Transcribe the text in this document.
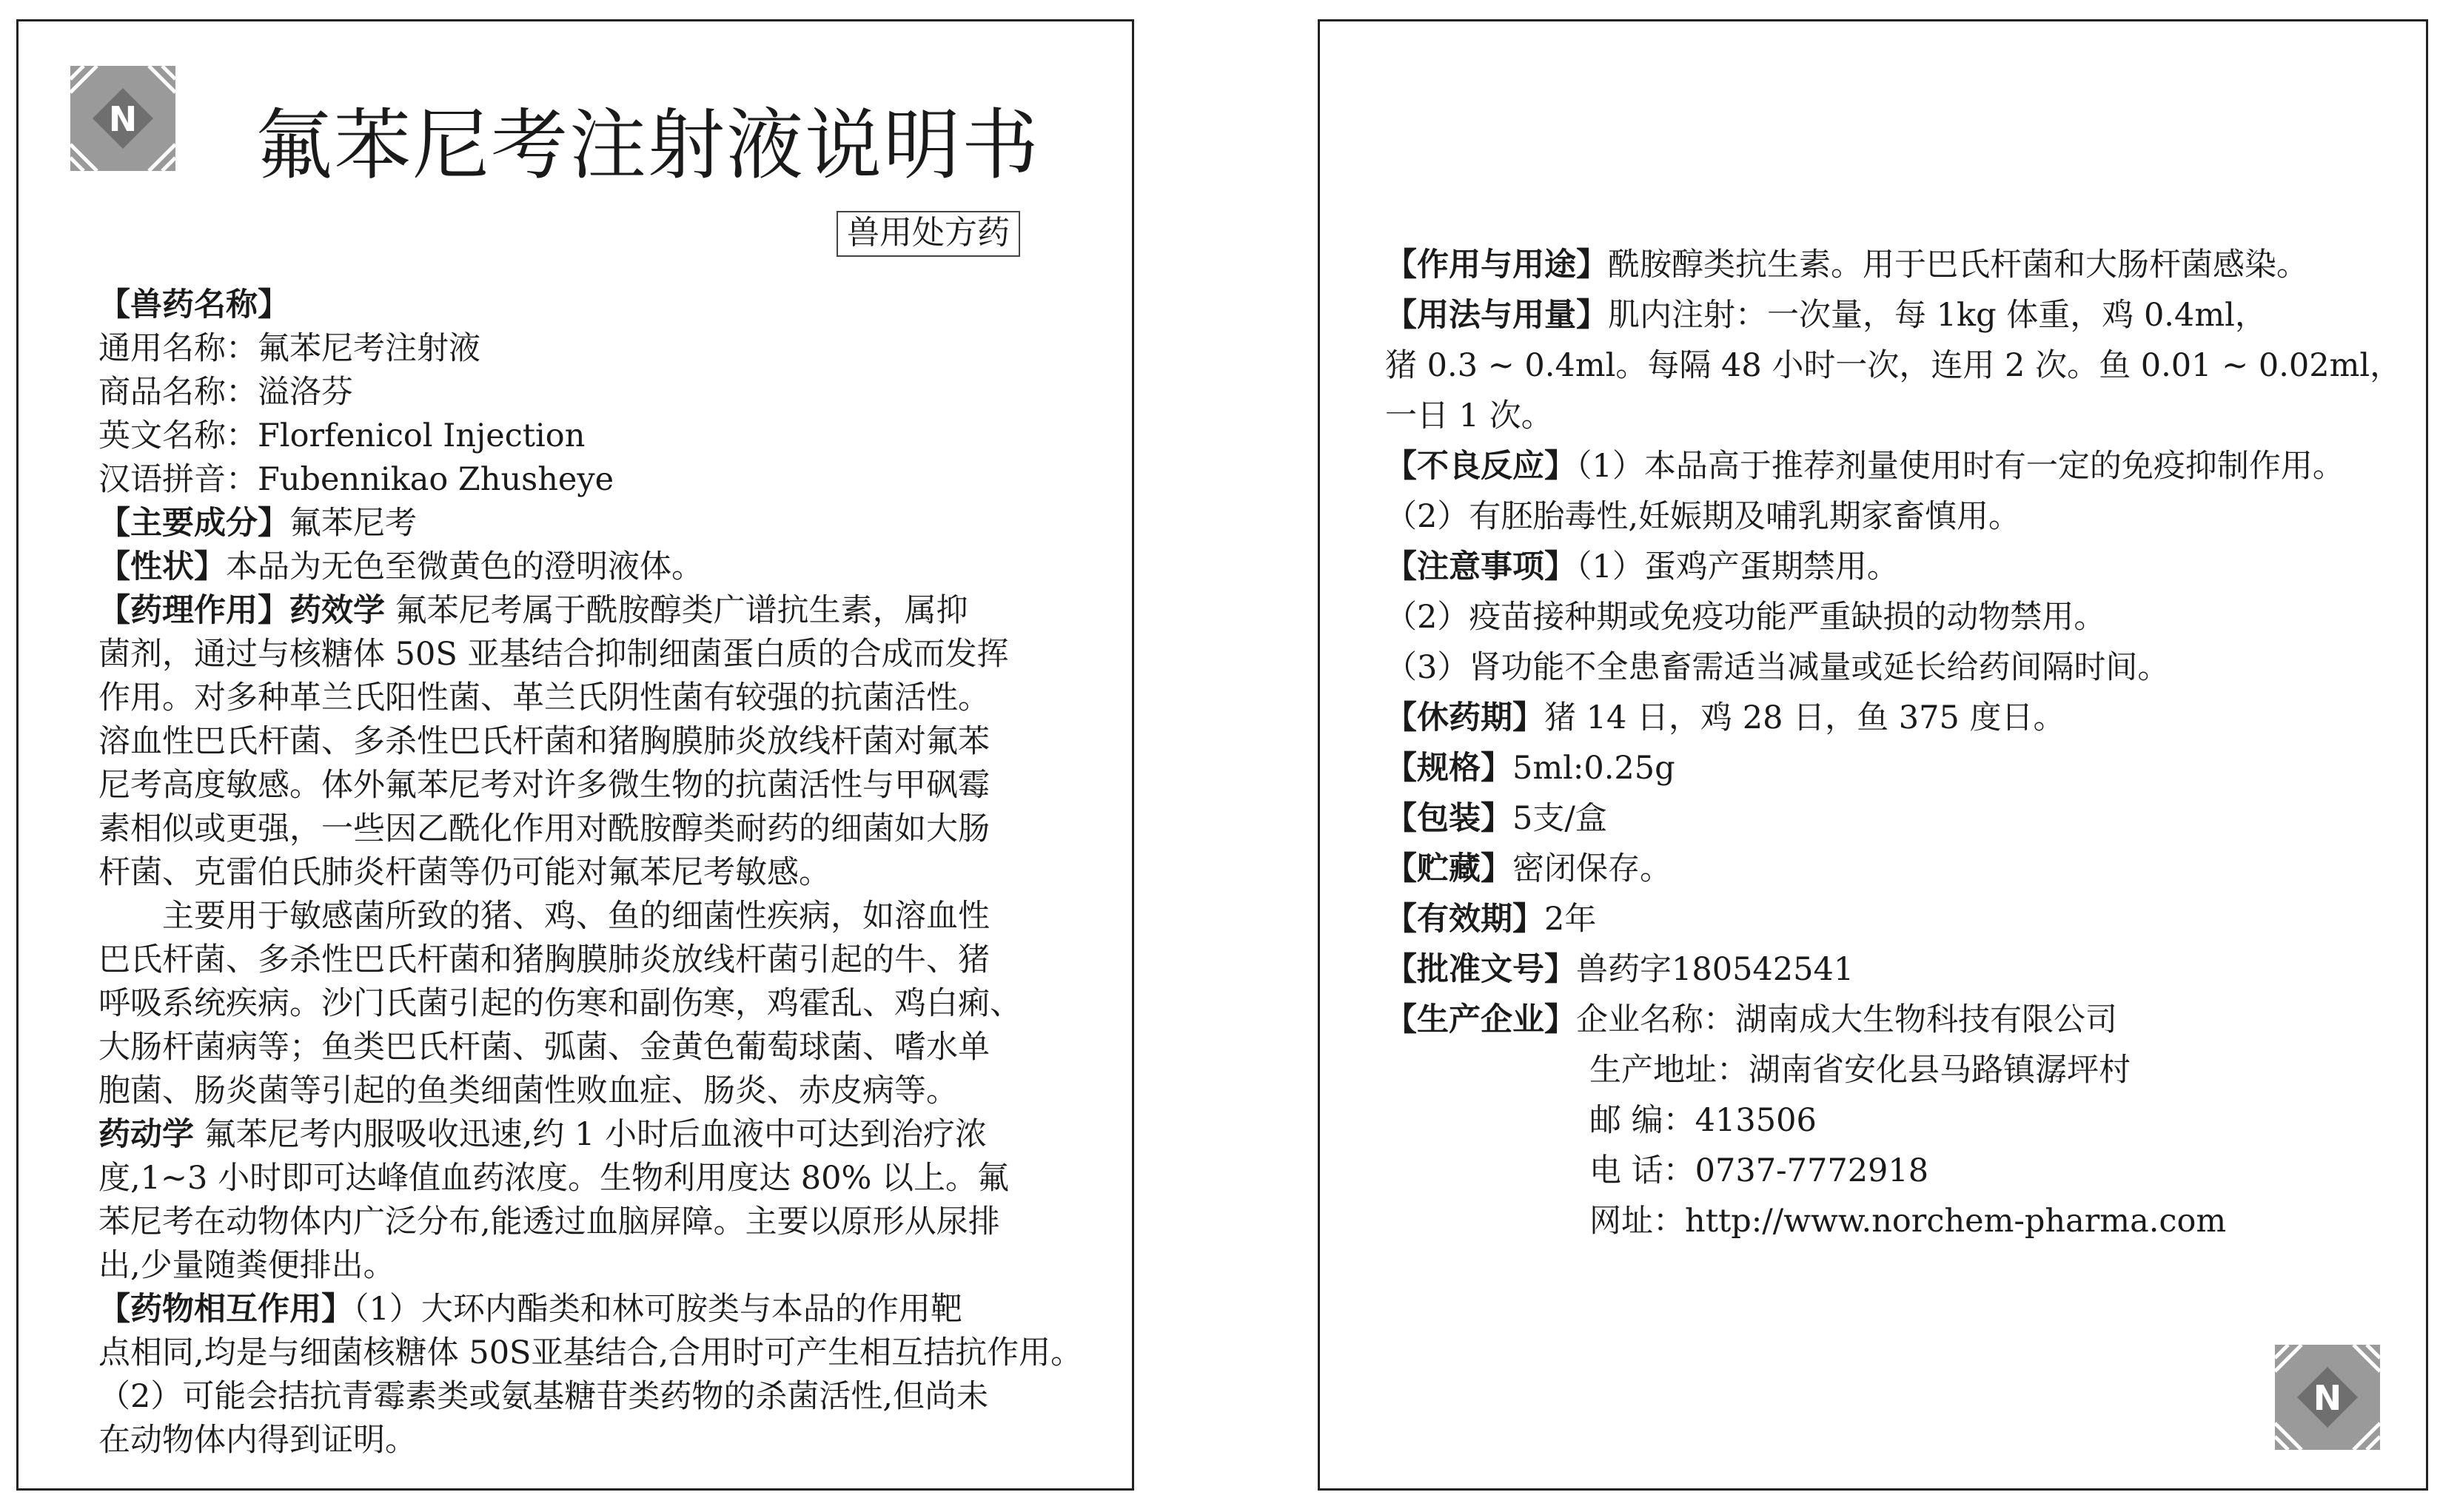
N 氟苯尼考注射液说明书
兽用处方药
【兽药名称】
通用名称：氟苯尼考注射液
商品名称：溢洛芬
英文名称：Florfenicol Injection
汉语拼音：Fubennikao Zhusheye
【主要成分】氟苯尼考
【性状】本品为无色至微黄色的澄明液体。
【药理作用】药效学 氟苯尼考属于酰胺醇类广谱抗生素，属抑
菌剂，通过与核糖体 50S 亚基结合抑制细菌蛋白质的合成而发挥
作用。对多种革兰氏阳性菌、革兰氏阴性菌有较强的抗菌活性。
溶血性巴氏杆菌、多杀性巴氏杆菌和猪胸膜肺炎放线杆菌对氟苯
尼考高度敏感。体外氟苯尼考对许多微生物的抗菌活性与甲砜霉
素相似或更强，一些因乙酰化作用对酰胺醇类耐药的细菌如大肠
杆菌、克雷伯氏肺炎杆菌等仍可能对氟苯尼考敏感。
主要用于敏感菌所致的猪、鸡、鱼的细菌性疾病，如溶血性
巴氏杆菌、多杀性巴氏杆菌和猪胸膜肺炎放线杆菌引起的牛、猪
呼吸系统疾病。沙门氏菌引起的伤寒和副伤寒，鸡霍乱、鸡白痢、
大肠杆菌病等；鱼类巴氏杆菌、弧菌、金黄色葡萄球菌、嗜水单
胞菌、肠炎菌等引起的鱼类细菌性败血症、肠炎、赤皮病等。
药动学 氟苯尼考内服吸收迅速,约 1 小时后血液中可达到治疗浓
度,1~3 小时即可达峰值血药浓度。生物利用度达 80% 以上。氟
苯尼考在动物体内广泛分布,能透过血脑屏障。主要以原形从尿排
出,少量随粪便排出。
【药物相互作用】（1）大环内酯类和林可胺类与本品的作用靶
点相同,均是与细菌核糖体 50S亚基结合,合用时可产生相互拮抗作用。
（2）可能会拮抗青霉素类或氨基糖苷类药物的杀菌活性,但尚未
在动物体内得到证明。
【作用与用途】酰胺醇类抗生素。用于巴氏杆菌和大肠杆菌感染。
【用法与用量】肌内注射：一次量，每 1kg 体重，鸡 0.4ml，
猪 0.3 ~ 0.4ml。每隔 48 小时一次，连用 2 次。鱼 0.01 ~ 0.02ml，
一日 1 次。
【不良反应】（1）本品高于推荐剂量使用时有一定的免疫抑制作用。
（2）有胚胎毒性,妊娠期及哺乳期家畜慎用。
【注意事项】（1）蛋鸡产蛋期禁用。
（2）疫苗接种期或免疫功能严重缺损的动物禁用。
（3）肾功能不全患畜需适当减量或延长给药间隔时间。
【休药期】猪 14 日，鸡 28 日，鱼 375 度日。
【规格】5ml:0.25g
【包装】5支/盒
【贮藏】密闭保存。
【有效期】2年
【批准文号】兽药字180542541
【生产企业】企业名称：湖南成大生物科技有限公司
生产地址：湖南省安化县马路镇潺坪村
邮 编：413506
电 话：0737-7772918
网址：http://www.norchem-pharma.com
N
